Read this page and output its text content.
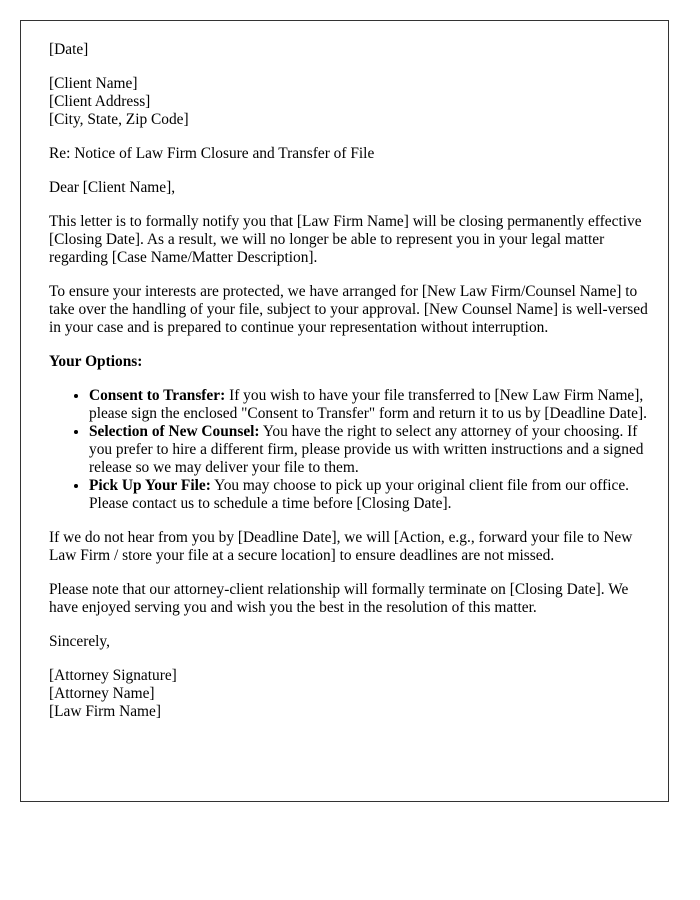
[Date]

[Client Name]
[Client Address]
[City, State, Zip Code]

Re: Notice of Law Firm Closure and Transfer of File

Dear [Client Name],

This letter is to formally notify you that [Law Firm Name] will be closing permanently effective [Closing Date]. As a result, we will no longer be able to represent you in your legal matter regarding [Case Name/Matter Description].

To ensure your interests are protected, we have arranged for [New Law Firm/Counsel Name] to take over the handling of your file, subject to your approval. [New Counsel Name] is well-versed in your case and is prepared to continue your representation without interruption.

Your Options:

• Consent to Transfer: If you wish to have your file transferred to [New Law Firm Name], please sign the enclosed "Consent to Transfer" form and return it to us by [Deadline Date].
• Selection of New Counsel: You have the right to select any attorney of your choosing. If you prefer to hire a different firm, please provide us with written instructions and a signed release so we may deliver your file to them.
• Pick Up Your File: You may choose to pick up your original client file from our office. Please contact us to schedule a time before [Closing Date].

If we do not hear from you by [Deadline Date], we will [Action, e.g., forward your file to New Law Firm / store your file at a secure location] to ensure deadlines are not missed.

Please note that our attorney-client relationship will formally terminate on [Closing Date]. We have enjoyed serving you and wish you the best in the resolution of this matter.

Sincerely,

[Attorney Signature]
[Attorney Name]
[Law Firm Name]
